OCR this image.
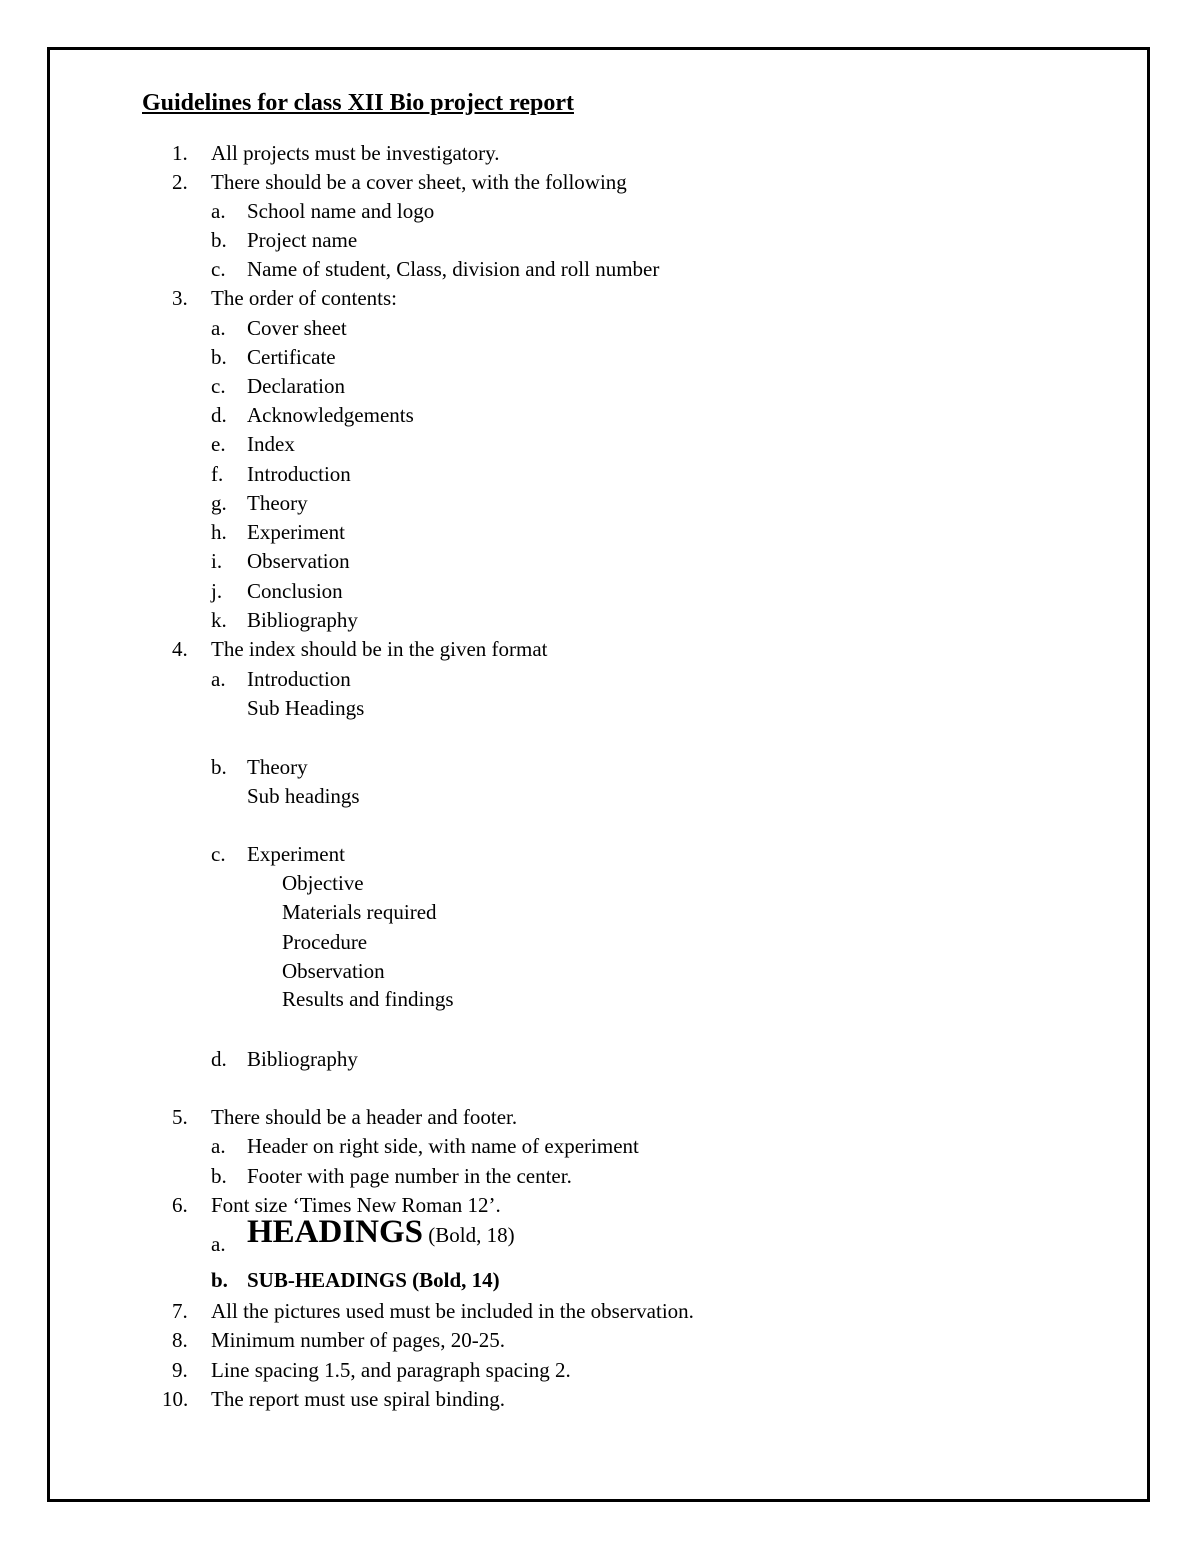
Guidelines for class XII Bio project report
1.	All projects must be investigatory.
2.	There should be a cover sheet, with the following
a.	School name and logo
b. Project name
c.	Name of student, Class, division and roll number
3.	The order of contents:
a.	Cover sheet
b. Certificate
c.	Declaration
d. Acknowledgements
e.	Index
f.	Introduction
g. Theory
h. Experiment
i.	Observation
j.	Conclusion
k. Bibliography
4.	The index should be in the given format
a.	Introduction
Sub Headings
b. Theory
Sub headings
c.	Experiment
Objective
Materials required
Procedure
Observation
Results and findings
d. Bibliography
5.	There should be a header and footer.
a.	Header on right side, with name of experiment
b. Footer with page number in the center.
6.	Font size ‘Times New Roman 12’.
a. HEADINGS (Bold, 18)
b. SUB-HEADINGS (Bold, 14)
7.	All the pictures used must be included in the observation.
8.	Minimum number of pages, 20-25.
9.	Line spacing 1.5, and paragraph spacing 2.
10.	The report must use spiral binding.
